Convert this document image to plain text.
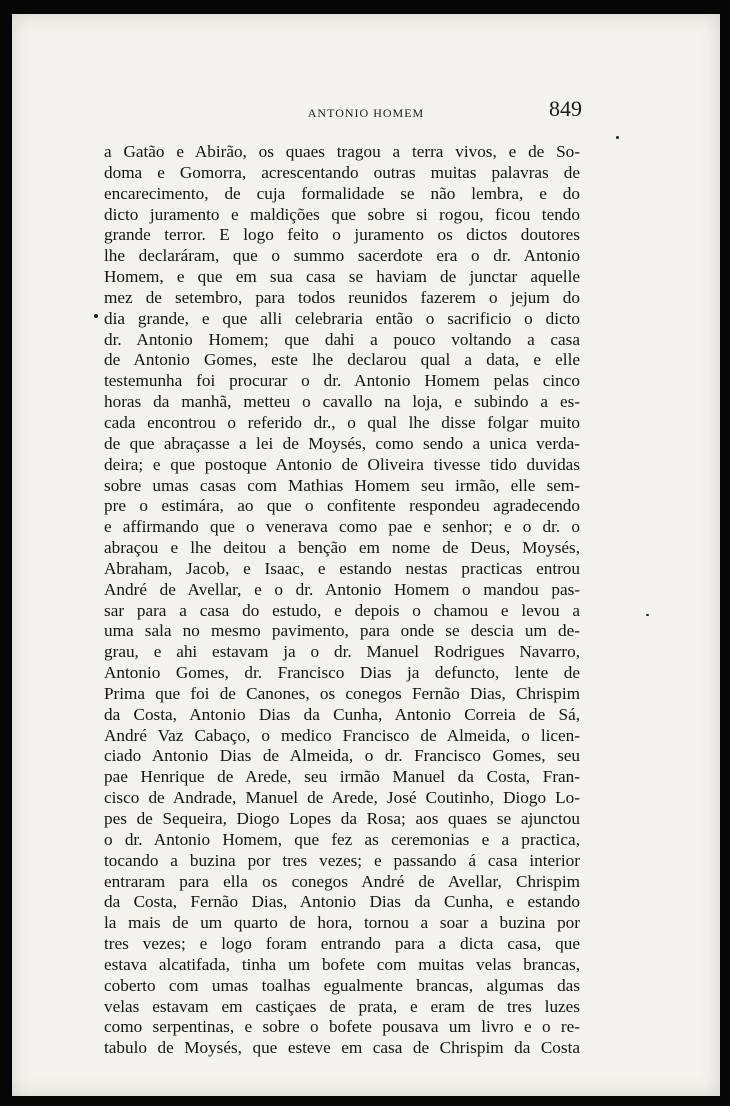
ANTONIO HOMEM	849
a Gatão e Abirão, os quaes tragou a terra vivos, e de So-
doma e Gomorra, acrescentando outras muitas palavras de
encarecimento, de cuja formalidade se não lembra, e do
dicto juramento e maldições que sobre si rogou, ficou tendo
grande terror. E logo feito o juramento os dictos doutores
lhe declaráram, que o summo sacerdote era o dr. Antonio
Homem, e que em sua casa se haviam de junctar aquelle
mez de setembro, para todos reunidos fazerem o jejum do
dia grande, e que alli celebraria então o sacrificio o dicto
dr. Antonio Homem; que dahi a pouco voltando a casa
de Antonio Gomes, este lhe declarou qual a data, e elle
testemunha foi procurar o dr. Antonio Homem pelas cinco
horas da manhã, metteu o cavallo na loja, e subindo a es-
cada encontrou o referido dr., o qual lhe disse folgar muito
de que abraçasse a lei de Moysés, como sendo a unica verda-
deira; e que postoque Antonio de Oliveira tivesse tido duvidas
sobre umas casas com Mathias Homem seu irmão, elle sem-
pre o estimára, ao que o confitente respondeu agradecendo
e affirmando que o venerava como pae e senhor; e o dr. o
abraçou e lhe deitou a benção em nome de Deus, Moysés,
Abraham, Jacob, e Isaac, e estando nestas practicas entrou
André de Avellar, e o dr. Antonio Homem o mandou pas-
sar para a casa do estudo, e depois o chamou e levou a
uma sala no mesmo pavimento, para onde se descia um de-
grau, e ahi estavam ja o dr. Manuel Rodrigues Navarro,
Antonio Gomes, dr. Francisco Dias ja defuncto, lente de
Prima que foi de Canones, os conegos Fernão Dias, Chrispim
da Costa, Antonio Dias da Cunha, Antonio Correia de Sá,
André Vaz Cabaço, o medico Francisco de Almeida, o licen-
ciado Antonio Dias de Almeida, o dr. Francisco Gomes, seu
pae Henrique de Arede, seu irmão Manuel da Costa, Fran-
cisco de Andrade, Manuel de Arede, José Coutinho, Diogo Lo-
pes de Sequeira, Diogo Lopes da Rosa; aos quaes se ajunctou
o dr. Antonio Homem, que fez as ceremonias e a practica,
tocando a buzina por tres vezes; e passando á casa interior
entraram para ella os conegos André de Avellar, Chrispim
da Costa, Fernão Dias, Antonio Dias da Cunha, e estando
la mais de um quarto de hora, tornou a soar a buzina por
tres vezes; e logo foram entrando para a dicta casa, que
estava alcatifada, tinha um bofete com muitas velas brancas,
coberto com umas toalhas egualmente brancas, algumas das
velas estavam em castiçaes de prata, e eram de tres luzes
como serpentinas, e sobre o bofete pousava um livro e o re-
tabulo de Moysés, que esteve em casa de Chrispim da Costa
